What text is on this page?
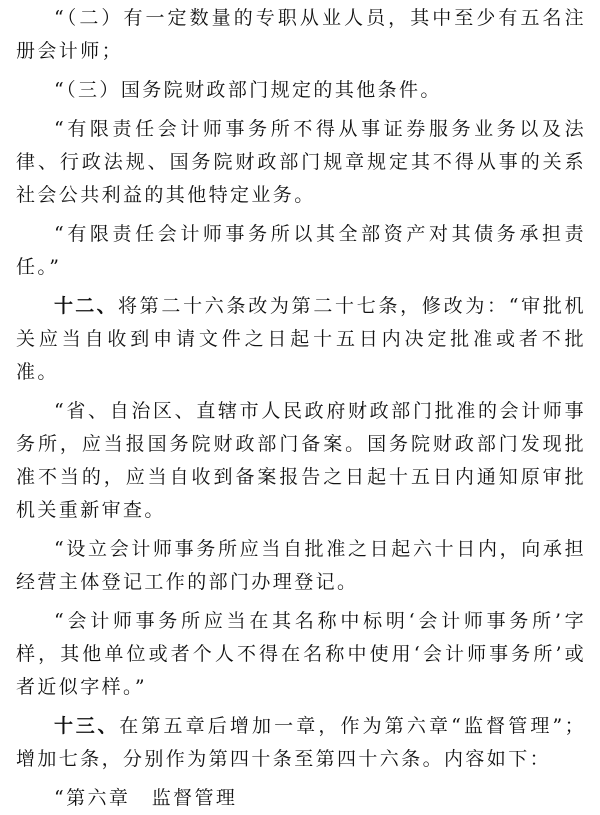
“（二）有一定数量的专职从业人员，其中至少有五名注册会计师；

“（三）国务院财政部门规定的其他条件。

“有限责任会计师事务所不得从事证券服务业务以及法律、行政法规、国务院财政部门规章规定其不得从事的关系社会公共利益的其他特定业务。

“有限责任会计师事务所以其全部资产对其债务承担责任。”

十二、将第二十六条改为第二十七条，修改为：“审批机关应当自收到申请文件之日起十五日内决定批准或者不批准。

“省、自治区、直辖市人民政府财政部门批准的会计师事务所，应当报国务院财政部门备案。国务院财政部门发现批准不当的，应当自收到备案报告之日起十五日内通知原审批机关重新审查。

“设立会计师事务所应当自批准之日起六十日内，向承担经营主体登记工作的部门办理登记。

“会计师事务所应当在其名称中标明‘会计师事务所’字样，其他单位或者个人不得在名称中使用‘会计师事务所’或者近似字样。”

十三、在第五章后增加一章，作为第六章“监督管理”；增加七条，分别作为第四十条至第四十六条。内容如下：

“第六章　监督管理
